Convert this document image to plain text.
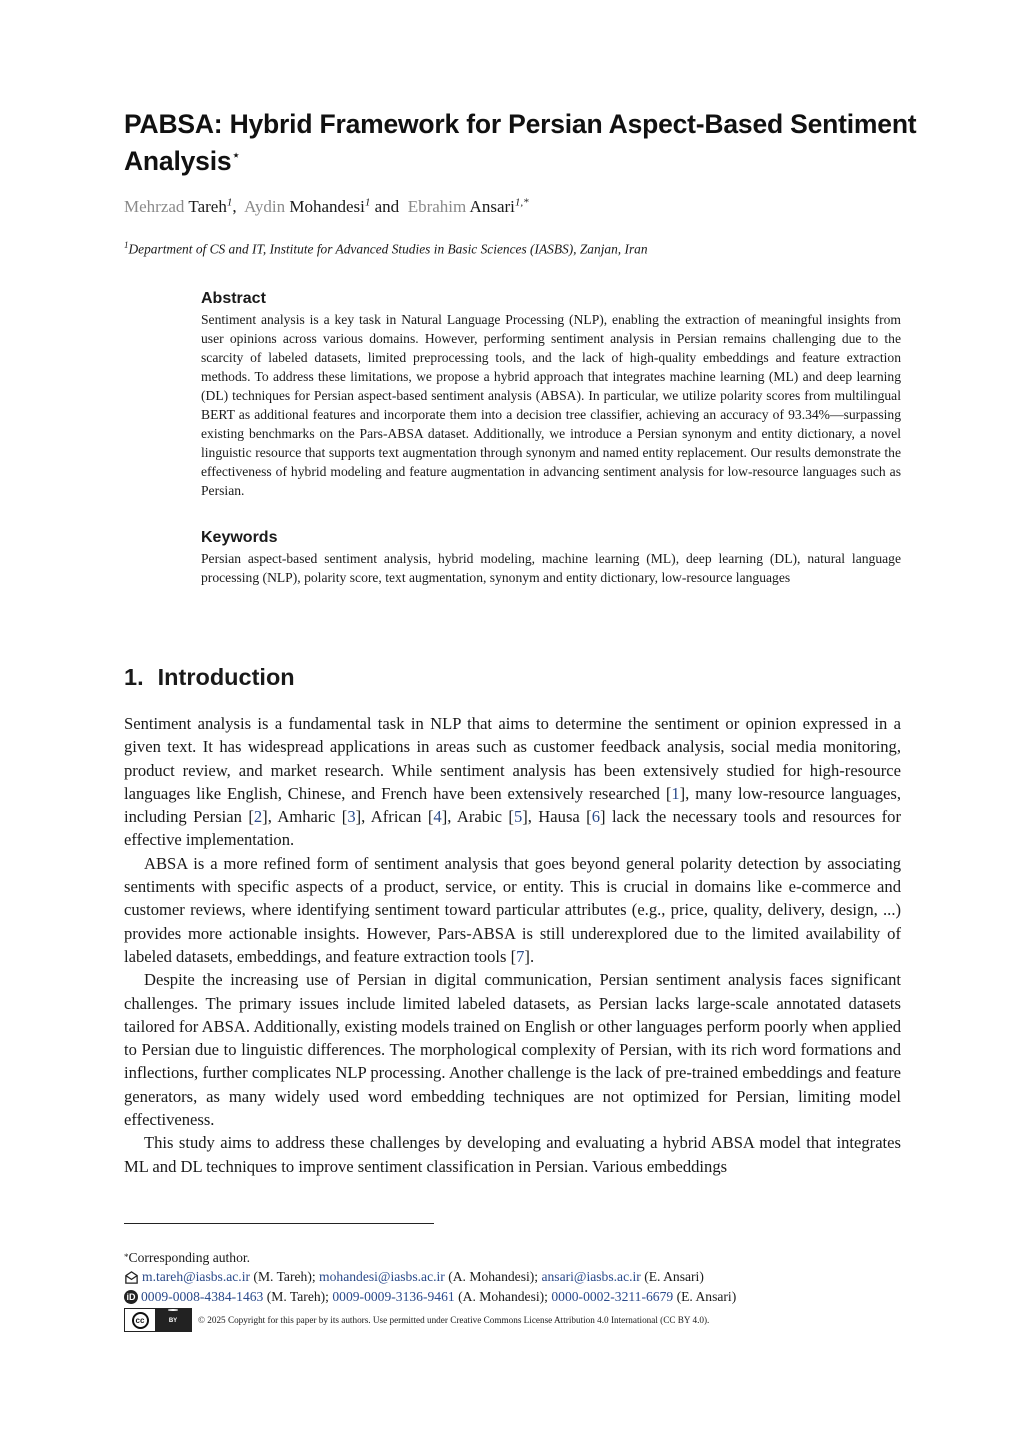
PABSA: Hybrid Framework for Persian Aspect-Based Sentiment Analysis⋆
Mehrzad Tareh$^1$,  Aydin Mohandesi$^1$ and  Ebrahim Ansari$^{1,*}$
$^1$Department of CS and IT, Institute for Advanced Studies in Basic Sciences (IASBS), Zanjan, Iran
Abstract
Sentiment analysis is a key task in Natural Language Processing (NLP), enabling the extraction of meaningful insights from user opinions across various domains. However, performing sentiment analysis in Persian remains challenging due to the scarcity of labeled datasets, limited preprocessing tools, and the lack of high-quality embeddings and feature extraction methods. To address these limitations, we propose a hybrid approach that integrates machine learning (ML) and deep learning (DL) techniques for Persian aspect-based sentiment analysis (ABSA). In particular, we utilize polarity scores from multilingual BERT as additional features and incorporate them into a decision tree classifier, achieving an accuracy of 93.34%—surpassing existing benchmarks on the Pars-ABSA dataset. Additionally, we introduce a Persian synonym and entity dictionary, a novel linguistic resource that supports text augmentation through synonym and named entity replacement. Our results demonstrate the effectiveness of hybrid modeling and feature augmentation in advancing sentiment analysis for low-resource languages such as Persian.
Keywords
Persian aspect-based sentiment analysis, hybrid modeling, machine learning (ML), deep learning (DL), natural language processing (NLP), polarity score, text augmentation, synonym and entity dictionary, low-resource languages
1. Introduction

Sentiment analysis is a fundamental task in NLP that aims to determine the sentiment or opinion expressed in a given text. It has widespread applications in areas such as customer feedback analysis, social media monitoring, product review, and market research. While sentiment analysis has been extensively studied for high-resource languages like English, Chinese, and French have been extensively researched [1], many low-resource languages, including Persian [2], Amharic [3], African [4], Arabic [5], Hausa [6] lack the necessary tools and resources for effective implementation.

ABSA is a more refined form of sentiment analysis that goes beyond general polarity detection by associating sentiments with specific aspects of a product, service, or entity. This is crucial in domains like e-commerce and customer reviews, where identifying sentiment toward particular attributes (e.g., price, quality, delivery, design, ...) provides more actionable insights. However, Pars-ABSA is still underexplored due to the limited availability of labeled datasets, embeddings, and feature extraction tools [7].

Despite the increasing use of Persian in digital communication, Persian sentiment analysis faces significant challenges. The primary issues include limited labeled datasets, as Persian lacks large-scale annotated datasets tailored for ABSA. Additionally, existing models trained on English or other languages perform poorly when applied to Persian due to linguistic differences. The morphological complexity of Persian, with its rich word formations and inflections, further complicates NLP processing. Another challenge is the lack of pre-trained embeddings and feature generators, as many widely used word embedding techniques are not optimized for Persian, limiting model effectiveness.

This study aims to address these challenges by developing and evaluating a hybrid ABSA model that integrates ML and DL techniques to improve sentiment classification in Persian. Various embeddings

* Corresponding author.
m.tareh@iasbs.ac.ir (M. Tareh); mohandesi@iasbs.ac.ir (A. Mohandesi); ansari@iasbs.ac.ir (E. Ansari)
iD 0009-0008-4384-1463 (M. Tareh); 0009-0009-3136-9461 (A. Mohandesi); 0000-0002-3211-6679 (E. Ansari)
cc	BY © 2025 Copyright for this paper by its authors. Use permitted under Creative Commons License Attribution 4.0 International (CC BY 4.0).
